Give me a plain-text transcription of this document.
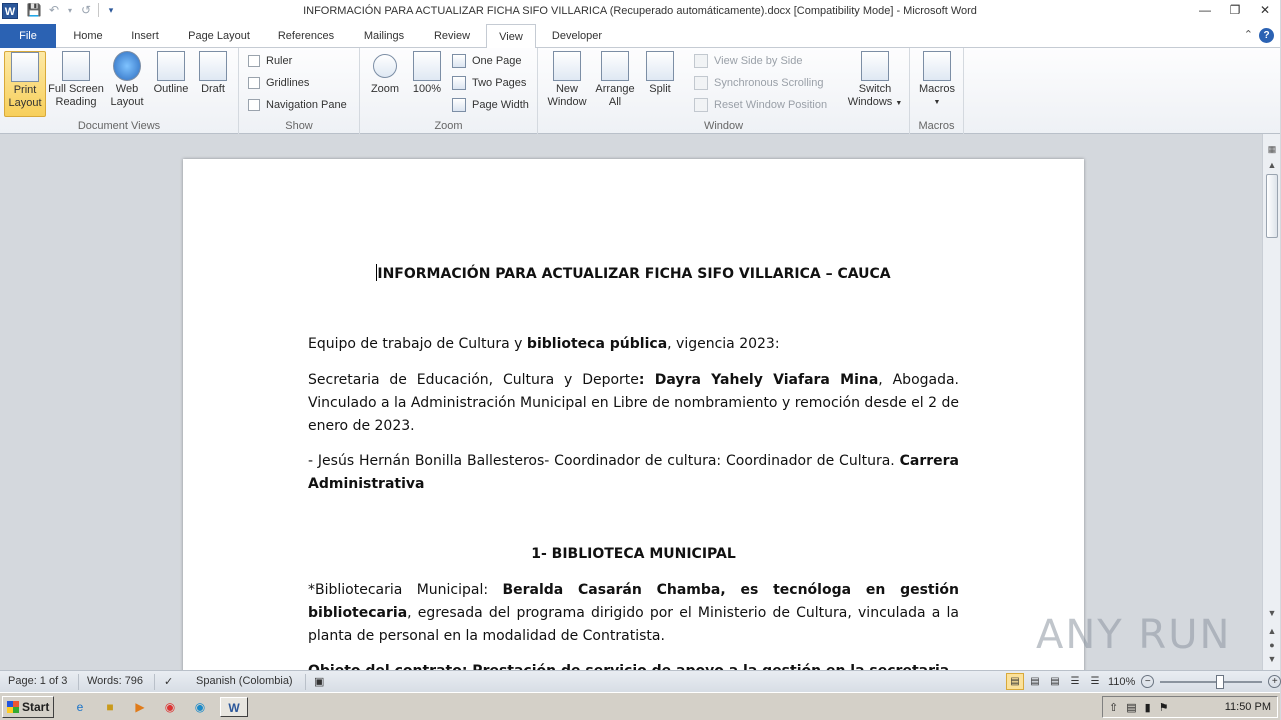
W 💾 ↶	▾ ↺	▾	INFORMACIÓN PARA ACTUALIZAR FICHA SIFO VILLARICA (Recuperado automáticamente).docx [Compatibility Mode] - Microsoft Word	—	❐	✕
File	Home	Insert	Page Layout	References	Mailings	Review	View	Developer	⌃	?
Print
Layout
Full Screen
Reading
Web
Layout
Outline	Draft
Document Views
Ruler
Gridlines
Navigation Pane
Show
Zoom 100%
One Page
Two Pages
Page Width
Zoom
New
Window
Arrange
All
Split
View Side by Side
Synchronous Scrolling
Reset Window Position
Switch
Windows ▼
Window
Macros
▼
Macros
INFORMACIÓN PARA ACTUALIZAR FICHA SIFO VILLARICA – CAUCA

Equipo de trabajo de Cultura y biblioteca pública, vigencia 2023:

Secretaria de Educación, Cultura y Deporte: Dayra Yahely Viafara Mina, Abogada. Vinculado a la Administración Municipal en Libre de nombramiento y remoción desde el 2 de enero de 2023.

- Jesús Hernán Bonilla Ballesteros- Coordinador de cultura: Coordinador de Cultura. Carrera Administrativa

1- BIBLIOTECA MUNICIPAL

*Bibliotecaria Municipal: Beralda Casarán Chamba, es tecnóloga en gestión bibliotecaria, egresada del programa dirigido por el Ministerio de Cultura, vinculada a la planta de personal en la modalidad de Contratista.

▦
▲
▼
▲
●
▼
ANY RUN
Page: 1 of 3 Words: 796 ✓ Spanish (Colombia) ▣	▤	▤	▤	☰	☰ 110% −	+
Start	e	■	▶	◉	◉	W	⇧ ▤ ▮ ⚑	11:50 PM
